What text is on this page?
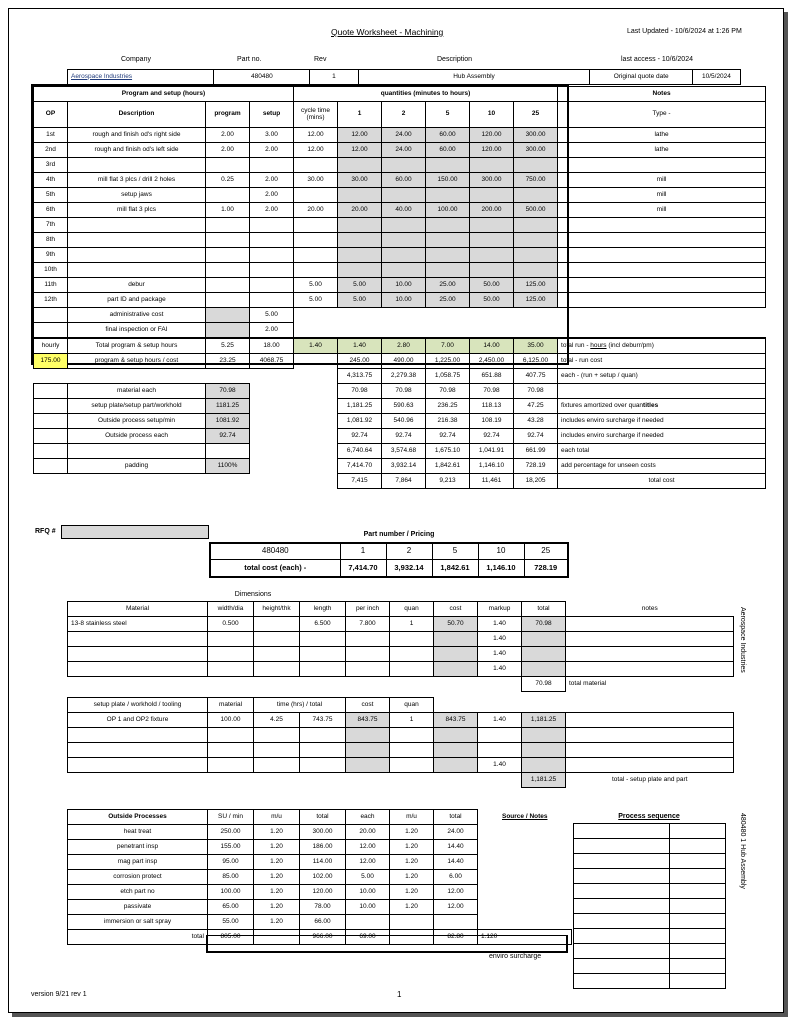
Quote Worksheet - Machining	Last Updated - 10/6/2024 at 1:26 PM
Company	Part no.	Rev	Description	last access - 10/6/2024
Aerospace Industries	480480	1	Hub Assembly	Original quote date	10/5/2024
Program and setup (hours)				quantities (minutes to hours)						Notes
OP	Description	program	setup	cycle time (mins)	1	2	5	10	25	Type -
1st	rough and finish od's right side	2.00	3.00	12.00	12.00	24.00	60.00	120.00	300.00	lathe
2nd	rough and finish od's left side	2.00	2.00	12.00	12.00	24.00	60.00	120.00	300.00	lathe
3rd										
4th	mill flat 3 plcs / drill 2 holes	0.25	2.00	30.00	30.00	60.00	150.00	300.00	750.00	mill
5th	setup jaws		2.00							mill
6th	mill flat 3 plcs	1.00	2.00	20.00	20.00	40.00	100.00	200.00	500.00	mill
7th										
8th										
9th										
10th										
11th	debur			5.00	5.00	10.00	25.00	50.00	125.00	
12th	part ID and package			5.00	5.00	10.00	25.00	50.00	125.00	
	administrative cost		5.00							
	final inspection or FAI		2.00							
hourly	Total program & setup hours	5.25	18.00	1.40	1.40	2.80	7.00	14.00	35.00	total run - hours (incl deburr/pm)
175.00	program & setup hours / cost	23.25	4068.75		245.00	490.00	1,225.00	2,450.00	6,125.00	total - run cost
					4,313.75	2,279.38	1,058.75	651.88	407.75	each - (run + setup / quan)
	material each	70.98			70.98	70.98	70.98	70.98	70.98	
	setup plate/setup part/workhold	1181.25			1,181.25	590.63	236.25	118.13	47.25	fixtures amortized over quantitles
	Outside process setup/min	1081.92			1,081.92	540.96	216.38	108.19	43.28	includes enviro surcharge if needed
	Outside process each	92.74			92.74	92.74	92.74	92.74	92.74	includes enviro surcharge if needed
					6,740.64	3,574.68	1,675.10	1,041.91	661.99	each total
	padding	1100%			7,414.70	3,932.14	1,842.61	1,146.10	728.19	add percentage for unseen costs
					7,415	7,864	9,213	11,461	18,205	total cost
RFQ #	Part number / Pricing
480480	1	2	5	10	25
total cost (each) -	7,414.70	3,932.14	1,842.61	1,146.10	728.19
Dimensions
Material	width/dia	height/thk	length	per inch	quan	cost	markup	total	notes
13-8 stainless steel	0.500		6.500	7.800	1	50.70	1.40	70.98	
							1.40		
							1.40		
							1.40		
								70.98	total material
setup plate / workhold / tooling	material	time (hrs) / total		cost	quan				
OP 1 and OP2 fixture	100.00	4.25	743.75	843.75	1	843.75	1.40	1,181.25	

							1.40		
								1,181.25	total - setup plate and part
Outside Processes	SU / min	m/u	total	each	m/u	total	Source / Notes
heat treat	250.00	1.20	300.00	20.00	1.20	24.00	
penetrant insp	155.00	1.20	186.00	12.00	1.20	14.40	
mag part insp	95.00	1.20	114.00	12.00	1.20	14.40	
corrosion protect	85.00	1.20	102.00	5.00	1.20	6.00	
etch part no	100.00	1.20	120.00	10.00	1.20	12.00	
passivate	65.00	1.20	78.00	10.00	1.20	12.00	
immersion or salt spray	55.00	1.20	66.00				
total	805.00		966.00	69.00		82.80	1.120
enviro surcharge
Process sequence

Aerospace Industries
480480 1 Hub Assembly
version 9/21 rev 1	1
